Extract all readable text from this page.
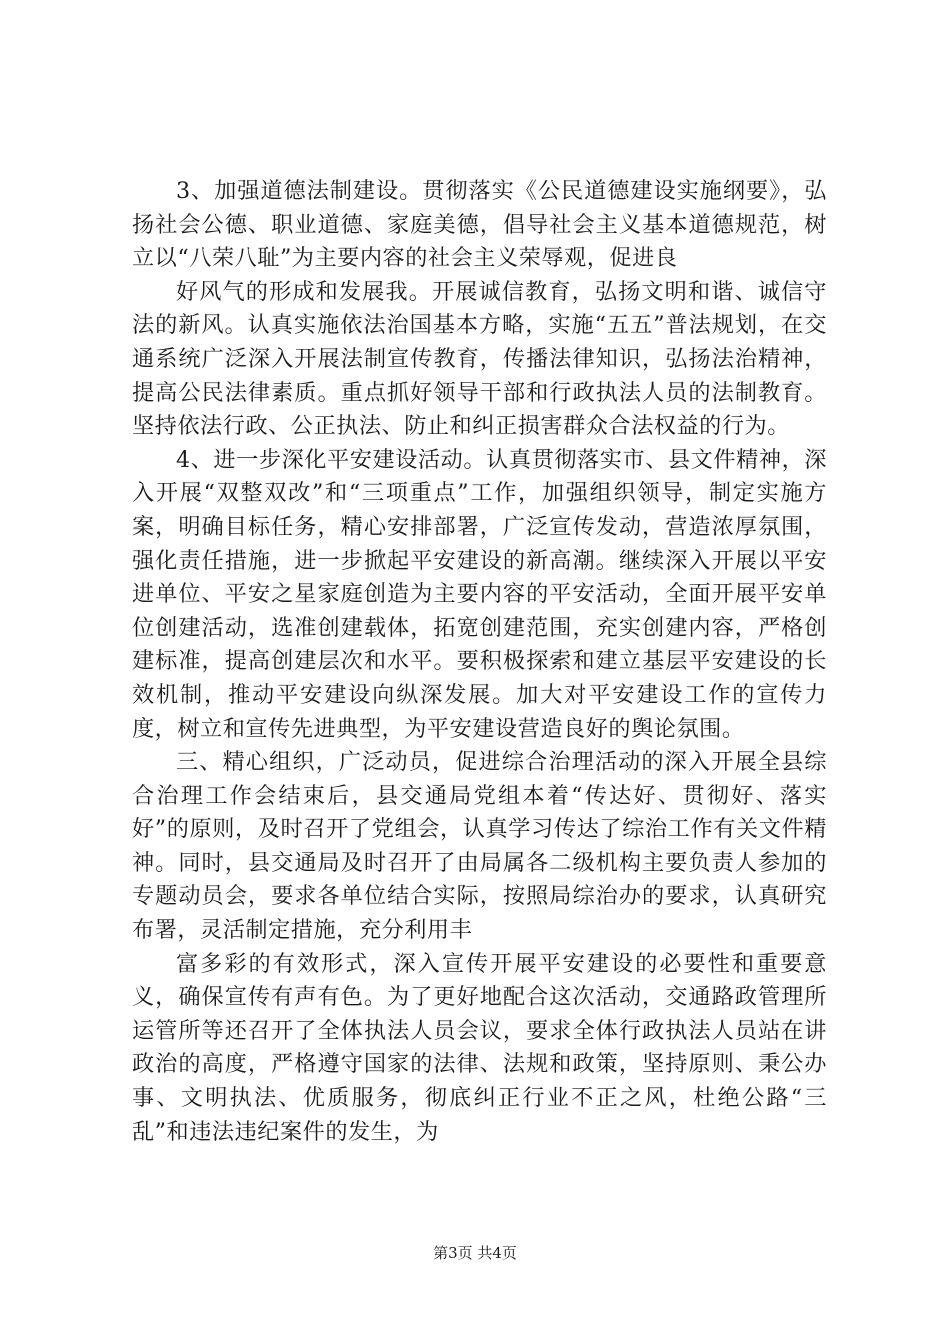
3、加强道德法制建设。贯彻落实《公民道德建设实施纲要》，弘扬社会公德、职业道德、家庭美德，倡导社会主义基本道德规范，树立以“八荣八耻”为主要内容的社会主义荣辱观，促进良

好风气的形成和发展我。开展诚信教育，弘扬文明和谐、诚信守法的新风。认真实施依法治国基本方略，实施“五五”普法规划，在交通系统广泛深入开展法制宣传教育，传播法律知识，弘扬法治精神，提高公民法律素质。重点抓好领导干部和行政执法人员的法制教育。坚持依法行政、公正执法、防止和纠正损害群众合法权益的行为。

4、进一步深化平安建设活动。认真贯彻落实市、县文件精神，深入开展“双整双改”和“三项重点”工作，加强组织领导，制定实施方案，明确目标任务，精心安排部署，广泛宣传发动，营造浓厚氛围，强化责任措施，进一步掀起平安建设的新高潮。继续深入开展以平安进单位、平安之星家庭创造为主要内容的平安活动，全面开展平安单位创建活动，选准创建载体，拓宽创建范围，充实创建内容，严格创建标准，提高创建层次和水平。要积极探索和建立基层平安建设的长效机制，推动平安建设向纵深发展。加大对平安建设工作的宣传力度，树立和宣传先进典型，为平安建设营造良好的舆论氛围。

三、精心组织，广泛动员，促进综合治理活动的深入开展全县综合治理工作会结束后，县交通局党组本着“传达好、贯彻好、落实好”的原则，及时召开了党组会，认真学习传达了综治工作有关文件精神。同时，县交通局及时召开了由局属各二级机构主要负责人参加的专题动员会，要求各单位结合实际，按照局综治办的要求，认真研究布署，灵活制定措施，充分利用丰

富多彩的有效形式，深入宣传开展平安建设的必要性和重要意义，确保宣传有声有色。为了更好地配合这次活动，交通路政管理所运管所等还召开了全体执法人员会议，要求全体行政执法人员站在讲政治的高度，严格遵守国家的法律、法规和政策，坚持原则、秉公办事、文明执法、优质服务，彻底纠正行业不正之风，杜绝公路“三乱”和违法违纪案件的发生，为

第3页 共4页
